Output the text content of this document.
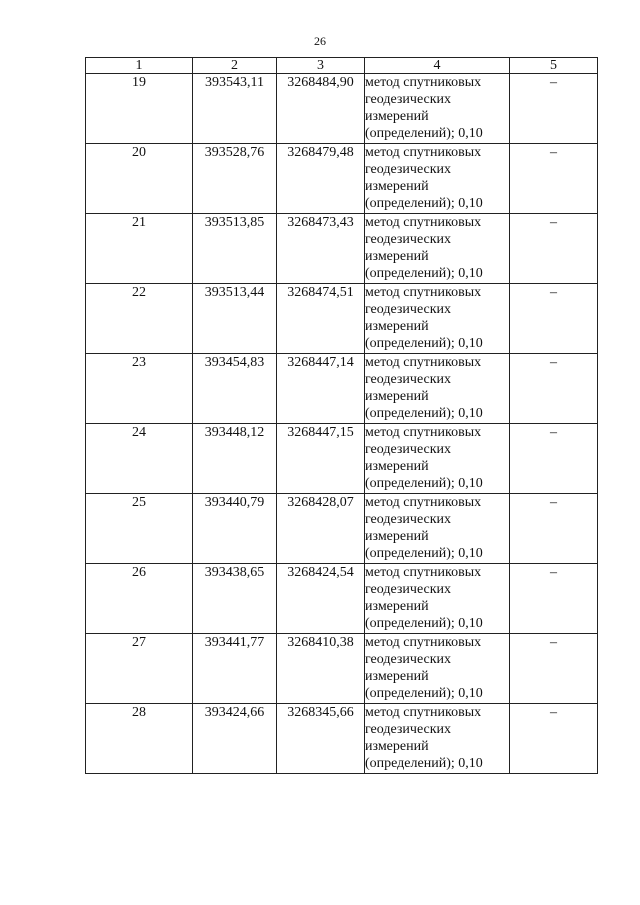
26
1	2	3	4	5
19	393543,11	3268484,90	метод спутниковых
геодезических
измерений
(определений); 0,10	–
20	393528,76	3268479,48	метод спутниковых
геодезических
измерений
(определений); 0,10	–
21	393513,85	3268473,43	метод спутниковых
геодезических
измерений
(определений); 0,10	–
22	393513,44	3268474,51	метод спутниковых
геодезических
измерений
(определений); 0,10	–
23	393454,83	3268447,14	метод спутниковых
геодезических
измерений
(определений); 0,10	–
24	393448,12	3268447,15	метод спутниковых
геодезических
измерений
(определений); 0,10	–
25	393440,79	3268428,07	метод спутниковых
геодезических
измерений
(определений); 0,10	–
26	393438,65	3268424,54	метод спутниковых
геодезических
измерений
(определений); 0,10	–
27	393441,77	3268410,38	метод спутниковых
геодезических
измерений
(определений); 0,10	–
28	393424,66	3268345,66	метод спутниковых
геодезических
измерений
(определений); 0,10	–
